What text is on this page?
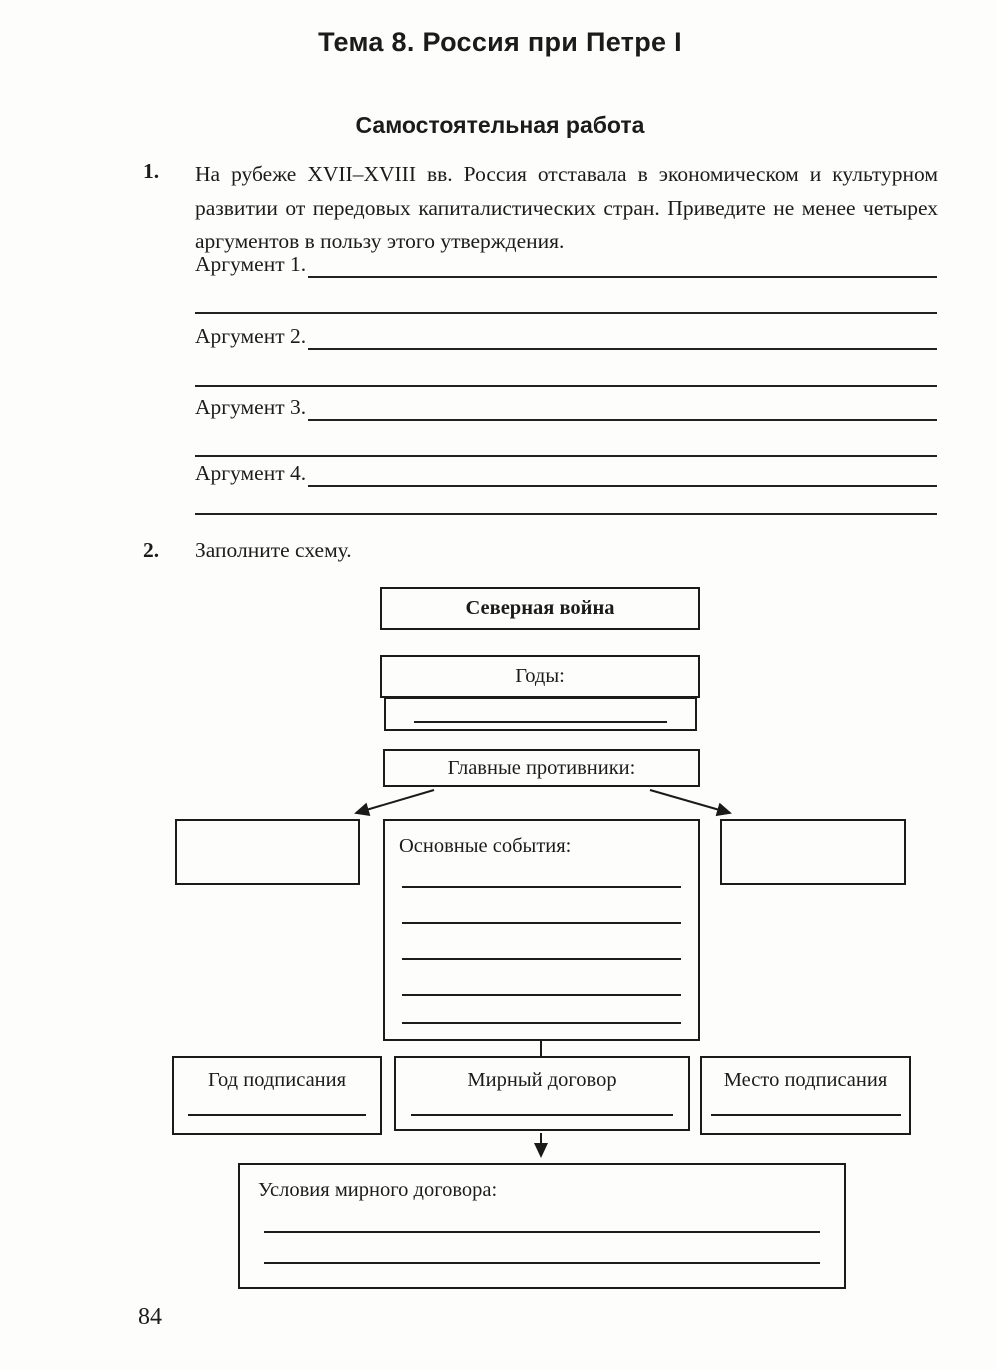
Тема 8. Россия при Петре I
Самостоятельная работа
1. На рубеже XVII–XVIII вв. Россия отставала в экономическом и культурном развитии от передовых капиталистических стран. Приведите не менее четырех аргументов в пользу этого утверждения.
Аргумент 1.
Аргумент 2.
Аргумент 3.
Аргумент 4.
2. Заполните схему.
Северная война
Годы:
Главные противники:
Основные события:
Год подписания	Мирный договор	Место подписания
Условия мирного договора:
84
